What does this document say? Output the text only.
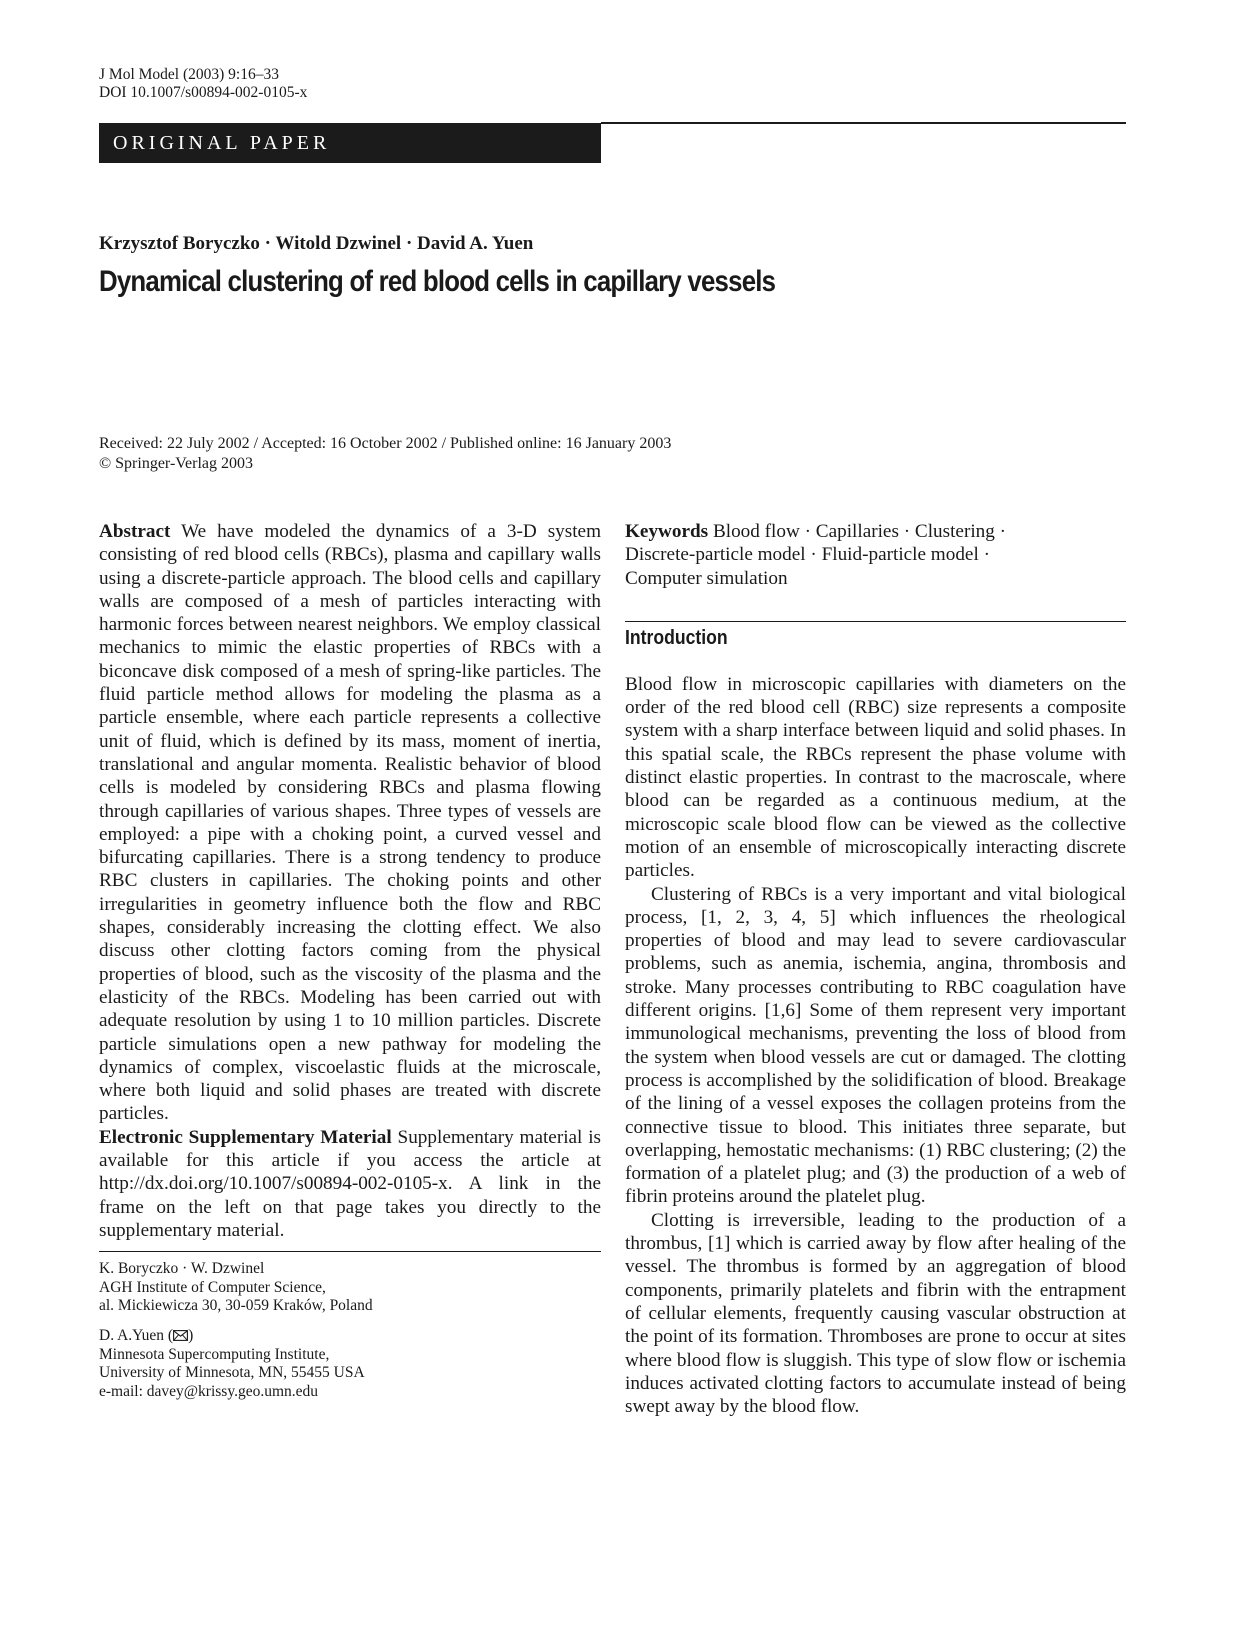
J Mol Model (2003) 9:16–33
DOI 10.1007/s00894-002-0105-x
ORIGINAL PAPER
Krzysztof Boryczko · Witold Dzwinel · David A. Yuen
Dynamical clustering of red blood cells in capillary vessels
Received: 22 July 2002 / Accepted: 16 October 2002 / Published online: 16 January 2003
© Springer-Verlag 2003

Abstract We have modeled the dynamics of a 3-D system consisting of red blood cells (RBCs), plasma and capillary walls using a discrete-particle approach. The blood cells and capillary walls are composed of a mesh of particles interacting with harmonic forces between nearest neighbors. We employ classical mechanics to mimic the elastic properties of RBCs with a biconcave disk composed of a mesh of spring-like particles. The fluid particle method allows for modeling the plasma as a particle ensemble, where each particle represents a collective unit of fluid, which is defined by its mass, moment of inertia, translational and angular momenta. Realistic behavior of blood cells is modeled by considering RBCs and plasma flowing through capillaries of various shapes. Three types of vessels are employed: a pipe with a choking point, a curved vessel and bifurcating capillaries. There is a strong tendency to produce RBC clusters in capillaries. The choking points and other irregularities in geometry influence both the flow and RBC shapes, considerably increasing the clotting effect. We also discuss other clotting factors coming from the physical properties of blood, such as the viscosity of the plasma and the elasticity of the RBCs. Modeling has been carried out with adequate resolution by using 1 to 10 million particles. Discrete particle simulations open a new pathway for modeling the dynamics of complex, viscoelastic fluids at the microscale, where both liquid and solid phases are treated with discrete particles.

Electronic Supplementary Material Supplementary material is available for this article if you access the article at http://dx.doi.org/10.1007/s00894-002-0105-x. A link in the frame on the left on that page takes you directly to the supplementary material.

K. Boryczko · W. Dzwinel
AGH Institute of Computer Science,
al. Mickiewicza 30, 30-059 Kraków, Poland
D. A.Yuen ( )
Minnesota Supercomputing Institute,
University of Minnesota, MN, 55455 USA
e-mail: davey@krissy.geo.umn.edu

Keywords Blood flow · Capillaries · Clustering ·
Discrete-particle model · Fluid-particle model ·
Computer simulation

Introduction

Blood flow in microscopic capillaries with diameters on the order of the red blood cell (RBC) size represents a composite system with a sharp interface between liquid and solid phases. In this spatial scale, the RBCs represent the phase volume with distinct elastic properties. In contrast to the macroscale, where blood can be regarded as a continuous medium, at the microscopic scale blood flow can be viewed as the collective motion of an ensemble of microscopically interacting discrete particles.

Clustering of RBCs is a very important and vital biological process, [1, 2, 3, 4, 5] which influences the rheological properties of blood and may lead to severe cardiovascular problems, such as anemia, ischemia, angina, thrombosis and stroke. Many processes contributing to RBC coagulation have different origins. [1,6] Some of them represent very important immunological mechanisms, preventing the loss of blood from the system when blood vessels are cut or damaged. The clotting process is accomplished by the solidification of blood. Breakage of the lining of a vessel exposes the collagen proteins from the connective tissue to blood. This initiates three separate, but overlapping, hemostatic mechanisms: (1) RBC clustering; (2) the formation of a platelet plug; and (3) the production of a web of fibrin proteins around the platelet plug.

Clotting is irreversible, leading to the production of a thrombus, [1] which is carried away by flow after healing of the vessel. The thrombus is formed by an aggregation of blood components, primarily platelets and fibrin with the entrapment of cellular elements, frequently causing vascular obstruction at the point of its formation. Thromboses are prone to occur at sites where blood flow is sluggish. This type of slow flow or ischemia induces activated clotting factors to accumulate instead of being swept away by the blood flow.
